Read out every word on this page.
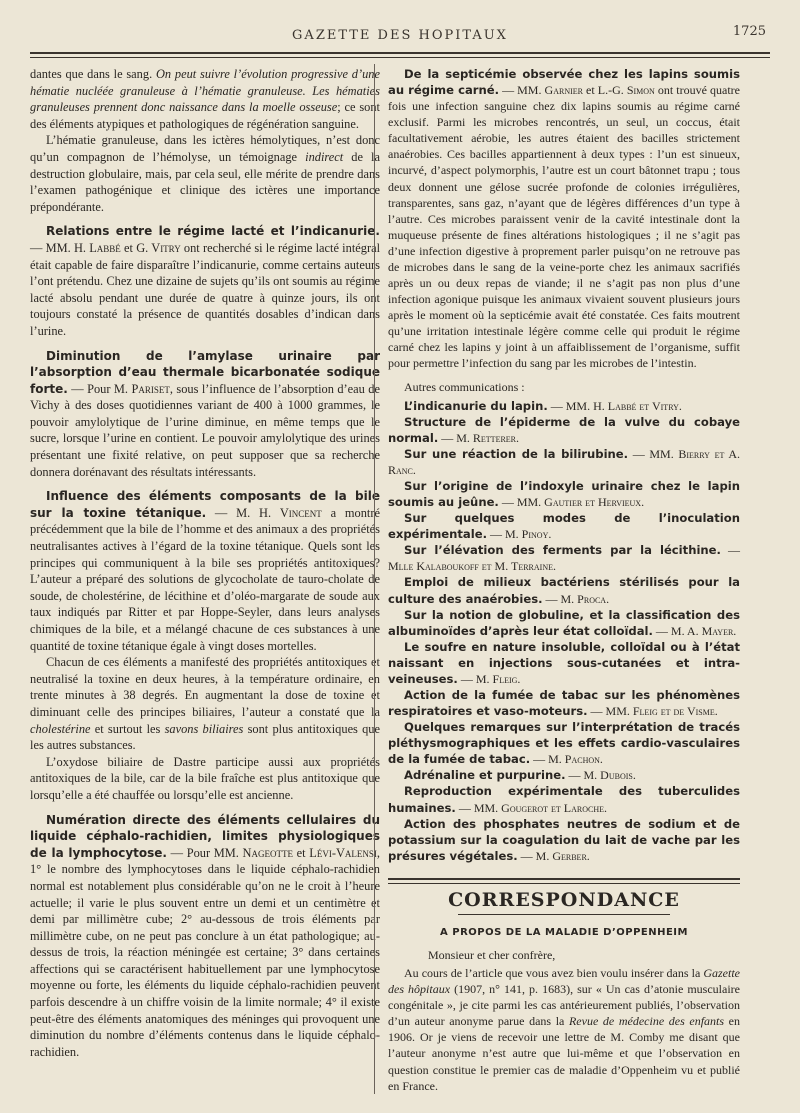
GAZETTE DES HOPITAUX	1725

dantes que dans le sang. On peut suivre l’évolution progressive d’une hématie nucléée granuleuse à l’hématie granuleuse. Les hématies granuleuses prennent donc naissance dans la moelle osseuse; ce sont des éléments atypiques et pathologiques de régénération sanguine.

L’hématie granuleuse, dans les ictères hémolytiques, n’est donc qu’un compagnon de l’hémolyse, un témoignage indirect de la destruction globulaire, mais, par cela seul, elle mérite de prendre dans l’examen pathogénique et clinique des ictères une importance prépondérante.

Relations entre le régime lacté et l’indicanurie. — MM. H. Labbé et G. Vitry ont recherché si le régime lacté intégral était capable de faire disparaître l’indicanurie, comme certains auteurs l’ont prétendu. Chez une dizaine de sujets qu’ils ont soumis au régime lacté absolu pendant une durée de quatre à quinze jours, ils ont toujours constaté la présence de quantités dosables d’indican dans l’urine.

Diminution de l’amylase urinaire par l’absorption d’eau thermale bicarbonatée sodique forte. — Pour M. Pariset, sous l’influence de l’absorption d’eau de Vichy à des doses quotidiennes variant de 400 à 1000 grammes, le pouvoir amylolytique de l’urine diminue, en même temps que le sucre, lorsque l’urine en contient. Le pouvoir amylolytique des urines présentant une fixité relative, on peut supposer que sa recherche donnera dorénavant des résultats intéressants.

Influence des éléments composants de la bile sur la toxine tétanique. — M. H. Vincent a montré précédemment que la bile de l’homme et des animaux a des propriétés neutralisantes actives à l’égard de la toxine tétanique. Quels sont les principes qui communiquent à la bile ses propriétés antitoxiques? L’auteur a préparé des solutions de glycocholate de tauro-cholate de soude, de cholestérine, de lécithine et d’oléo-margarate de soude aux taux indiqués par Ritter et par Hoppe-Seyler, dans leurs analyses chimiques de la bile, et a mélangé chacune de ces substances à une quantité de toxine tétanique égale à vingt doses mortelles.

Chacun de ces éléments a manifesté des propriétés antitoxiques et neutralisé la toxine en deux heures, à la température ordinaire, en trente minutes à 38 degrés. En augmentant la dose de toxine et diminuant celle des principes biliaires, l’auteur a constaté que la cholestérine et surtout les savons biliaires sont plus antitoxiques que les autres substances.

L’oxydose biliaire de Dastre participe aussi aux propriétés antitoxiques de la bile, car de la bile fraîche est plus antitoxique que lorsqu’elle a été chauffée ou lorsqu’elle est ancienne.

Numération directe des éléments cellulaires du liquide céphalo-rachidien, limites physiologiques de la lymphocytose. — Pour MM. Nageotte et Lévi-Valensi, 1° le nombre des lymphocytoses dans le liquide céphalo-rachidien normal est notablement plus considérable qu’on ne le croit à l’heure actuelle; il varie le plus souvent entre un demi et un centimètre et demi par millimètre cube; 2° au-dessous de trois éléments par millimètre cube, on ne peut pas conclure à un état pathologique; au-dessus de trois, la réaction méningée est certaine; 3° dans certaines affections qui se caractérisent habituellement par une lymphocytose moyenne ou forte, les éléments du liquide céphalo-rachidien peuvent parfois descendre à un chiffre voisin de la limite normale; 4° il existe peut-être des éléments anatomiques des méninges qui provoquent une diminution du nombre d’éléments contenus dans le liquide céphalo-rachidien.

De la septicémie observée chez les lapins soumis au régime carné. — MM. Garnier et L.-G. Simon ont trouvé quatre fois une infection sanguine chez dix lapins soumis au régime carné exclusif. Parmi les microbes rencontrés, un seul, un coccus, était facultativement aérobie, les autres étaient des bacilles strictement anaérobies. Ces bacilles appartiennent à deux types : l’un est sinueux, incurvé, d’aspect polymorphis, l’autre est un court bâtonnet trapu ; tous deux donnent une gélose sucrée profonde de colonies irrégulières, transparentes, sans gaz, n’ayant que de légères différences d’un type à l’autre. Ces microbes paraissent venir de la cavité intestinale dont la muqueuse présente de fines altérations histologiques ; il ne s’agit pas d’une infection digestive à proprement parler puisqu’on ne retrouve pas de microbes dans le sang de la veine-porte chez les animaux sacrifiés après un ou deux repas de viande; il ne s’agit pas non plus d’une infection agonique puisque les animaux vivaient souvent plusieurs jours après le moment où la septicémie avait été constatée. Ces faits moutrent qu’une irritation intestinale légère comme celle qui produit le régime carné chez les lapins y joint à un affaiblissement de l’organisme, suffit pour permettre l’infection du sang par les microbes de l’intestin.

Autres communications :

L’indicanurie du lapin. — MM. H. Labbé et Vitry.

Structure de l’épiderme de la vulve du cobaye normal. — M. Retterer.

Sur une réaction de la bilirubine. — MM. Bierry et A. Ranc.

Sur l’origine de l’indoxyle urinaire chez le lapin soumis au jeûne. — MM. Gautier et Hervieux.

Sur quelques modes de l’inoculation expérimentale. — M. Pinoy.

Sur l’élévation des ferments par la lécithine. — Mlle Kalaboukoff et M. Terraine.

Emploi de milieux bactériens stérilisés pour la culture des anaérobies. — M. Proca.

Sur la notion de globuline, et la classification des albuminoïdes d’après leur état colloïdal. — M. A. Mayer.

Le soufre en nature insoluble, colloïdal ou à l’état naissant en injections sous-cutanées et intra-veineuses. — M. Fleig.

Action de la fumée de tabac sur les phénomènes respiratoires et vaso-moteurs. — MM. Fleig et de Visme.

Quelques remarques sur l’interprétation de tracés pléthysmographiques et les effets cardio-vasculaires de la fumée de tabac. — M. Pachon.

Adrénaline et purpurine. — M. Dubois.

Reproduction expérimentale des tuberculides humaines. — MM. Gougerot et Laroche.

Action des phosphates neutres de sodium et de potassium sur la coagulation du lait de vache par les présures végétales. — M. Gerber.

CORRESPONDANCE
A PROPOS DE LA MALADIE D’OPPENHEIM

Monsieur et cher confrère,

Au cours de l’article que vous avez bien voulu insérer dans la Gazette des hôpitaux (1907, n° 141, p. 1683), sur « Un cas d’atonie musculaire congénitale », je cite parmi les cas antérieurement publiés, l’observation d’un auteur anonyme parue dans la Revue de médecine des enfants en 1906. Or je viens de recevoir une lettre de M. Comby me disant que l’auteur anonyme n’est autre que lui-même et que l’observation en question constitue le premier cas de maladie d’Oppenheim vu et publié en France.
